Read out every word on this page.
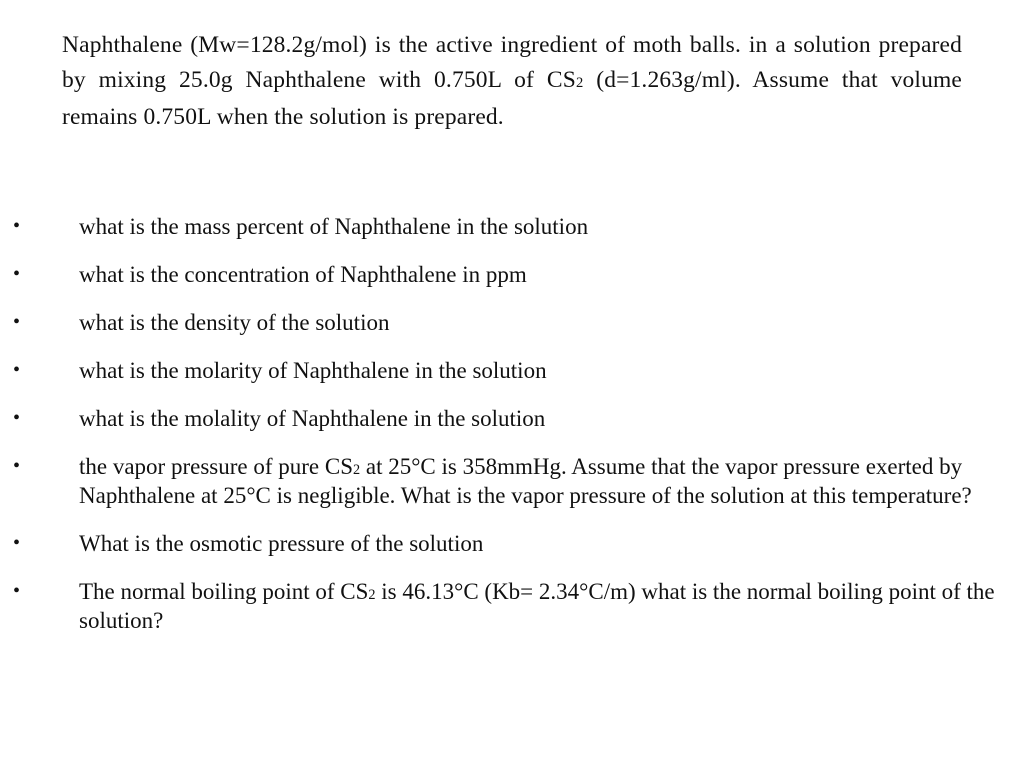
Naphthalene (Mw=128.2g/mol) is the active ingredient of moth balls. in a solution prepared by mixing 25.0g Naphthalene with 0.750L of CS2 (d=1.263g/ml). Assume that volume remains 0.750L when the solution is prepared.

•	what is the mass percent of Naphthalene in the solution
•	what is the concentration of Naphthalene in ppm
•	what is the density of the solution
•	what is the molarity of Naphthalene in the solution
•	what is the molality of Naphthalene in the solution
•	the vapor pressure of pure CS2 at 25°C is 358mmHg. Assume that the vapor pressure exerted by Naphthalene at 25°C is negligible. What is the vapor pressure of the solution at this temperature?
•	What is the osmotic pressure of the solution
•	The normal boiling point of CS2 is 46.13°C (Kb= 2.34°C/m) what is the normal boiling point of the solution?
